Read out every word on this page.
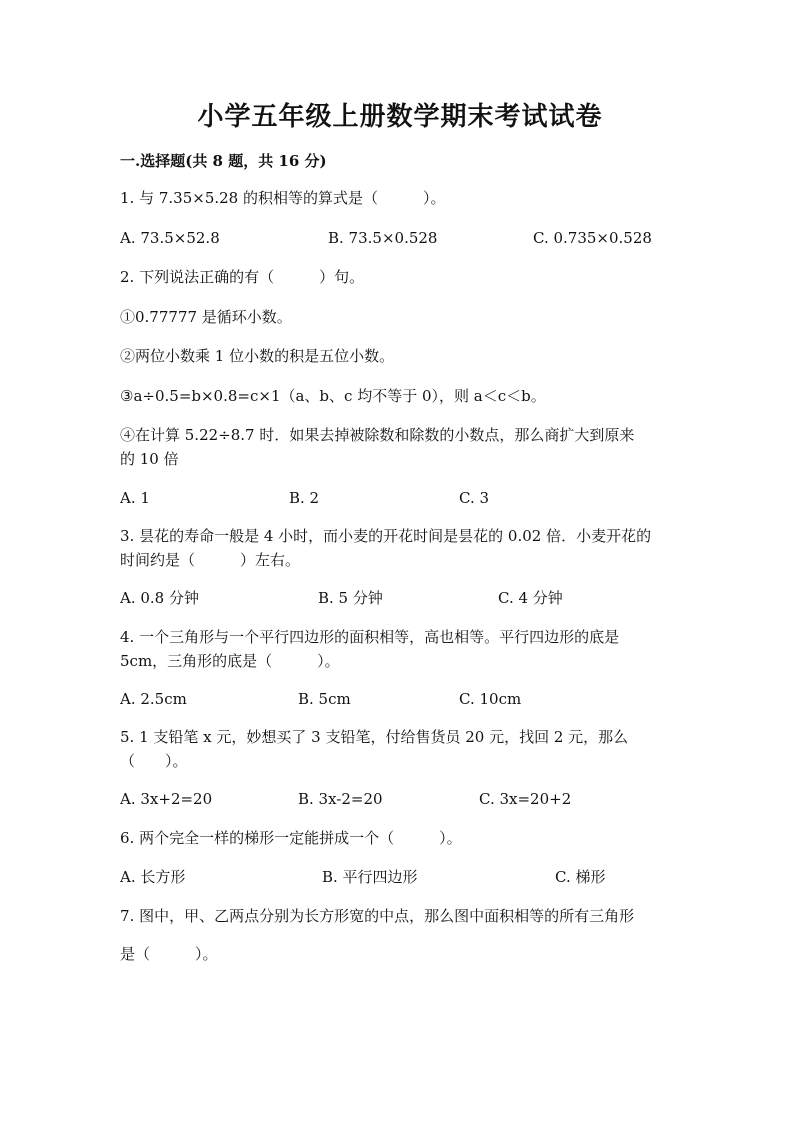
小学五年级上册数学期末考试试卷
一.选择题(共 8 题，共 16 分)
1. 与 7.35×5.28 的积相等的算式是（　　　）。
A. 73.5×52.8	B. 73.5×0.528	C. 0.735×0.528
2. 下列说法正确的有（　　　）句。
①0.77777 是循环小数。
②两位小数乘 1 位小数的积是五位小数。
③a÷0.5=b×0.8=c×1（a、b、c 均不等于 0），则 a＜c＜b。
④在计算 5.22÷8.7 时．如果去掉被除数和除数的小数点，那么商扩大到原来
的 10 倍
A. 1	B. 2	C. 3
3. 昙花的寿命一般是 4 小时，而小麦的开花时间是昙花的 0.02 倍．小麦开花的
时间约是（　　　）左右。
A. 0.8 分钟	B. 5 分钟	C. 4 分钟
4. 一个三角形与一个平行四边形的面积相等，高也相等。平行四边形的底是
5cm，三角形的底是（　　　）。
A. 2.5cm	B. 5cm	C. 10cm
5. 1 支铅笔 x 元，妙想买了 3 支铅笔，付给售货员 20 元，找回 2 元，那么
（　　）。
A. 3x+2=20	B. 3x-2=20	C. 3x=20+2
6. 两个完全一样的梯形一定能拼成一个（　　　）。
A. 长方形	B. 平行四边形	C. 梯形
7. 图中，甲、乙两点分别为长方形宽的中点，那么图中面积相等的所有三角形
是（　　　）。
